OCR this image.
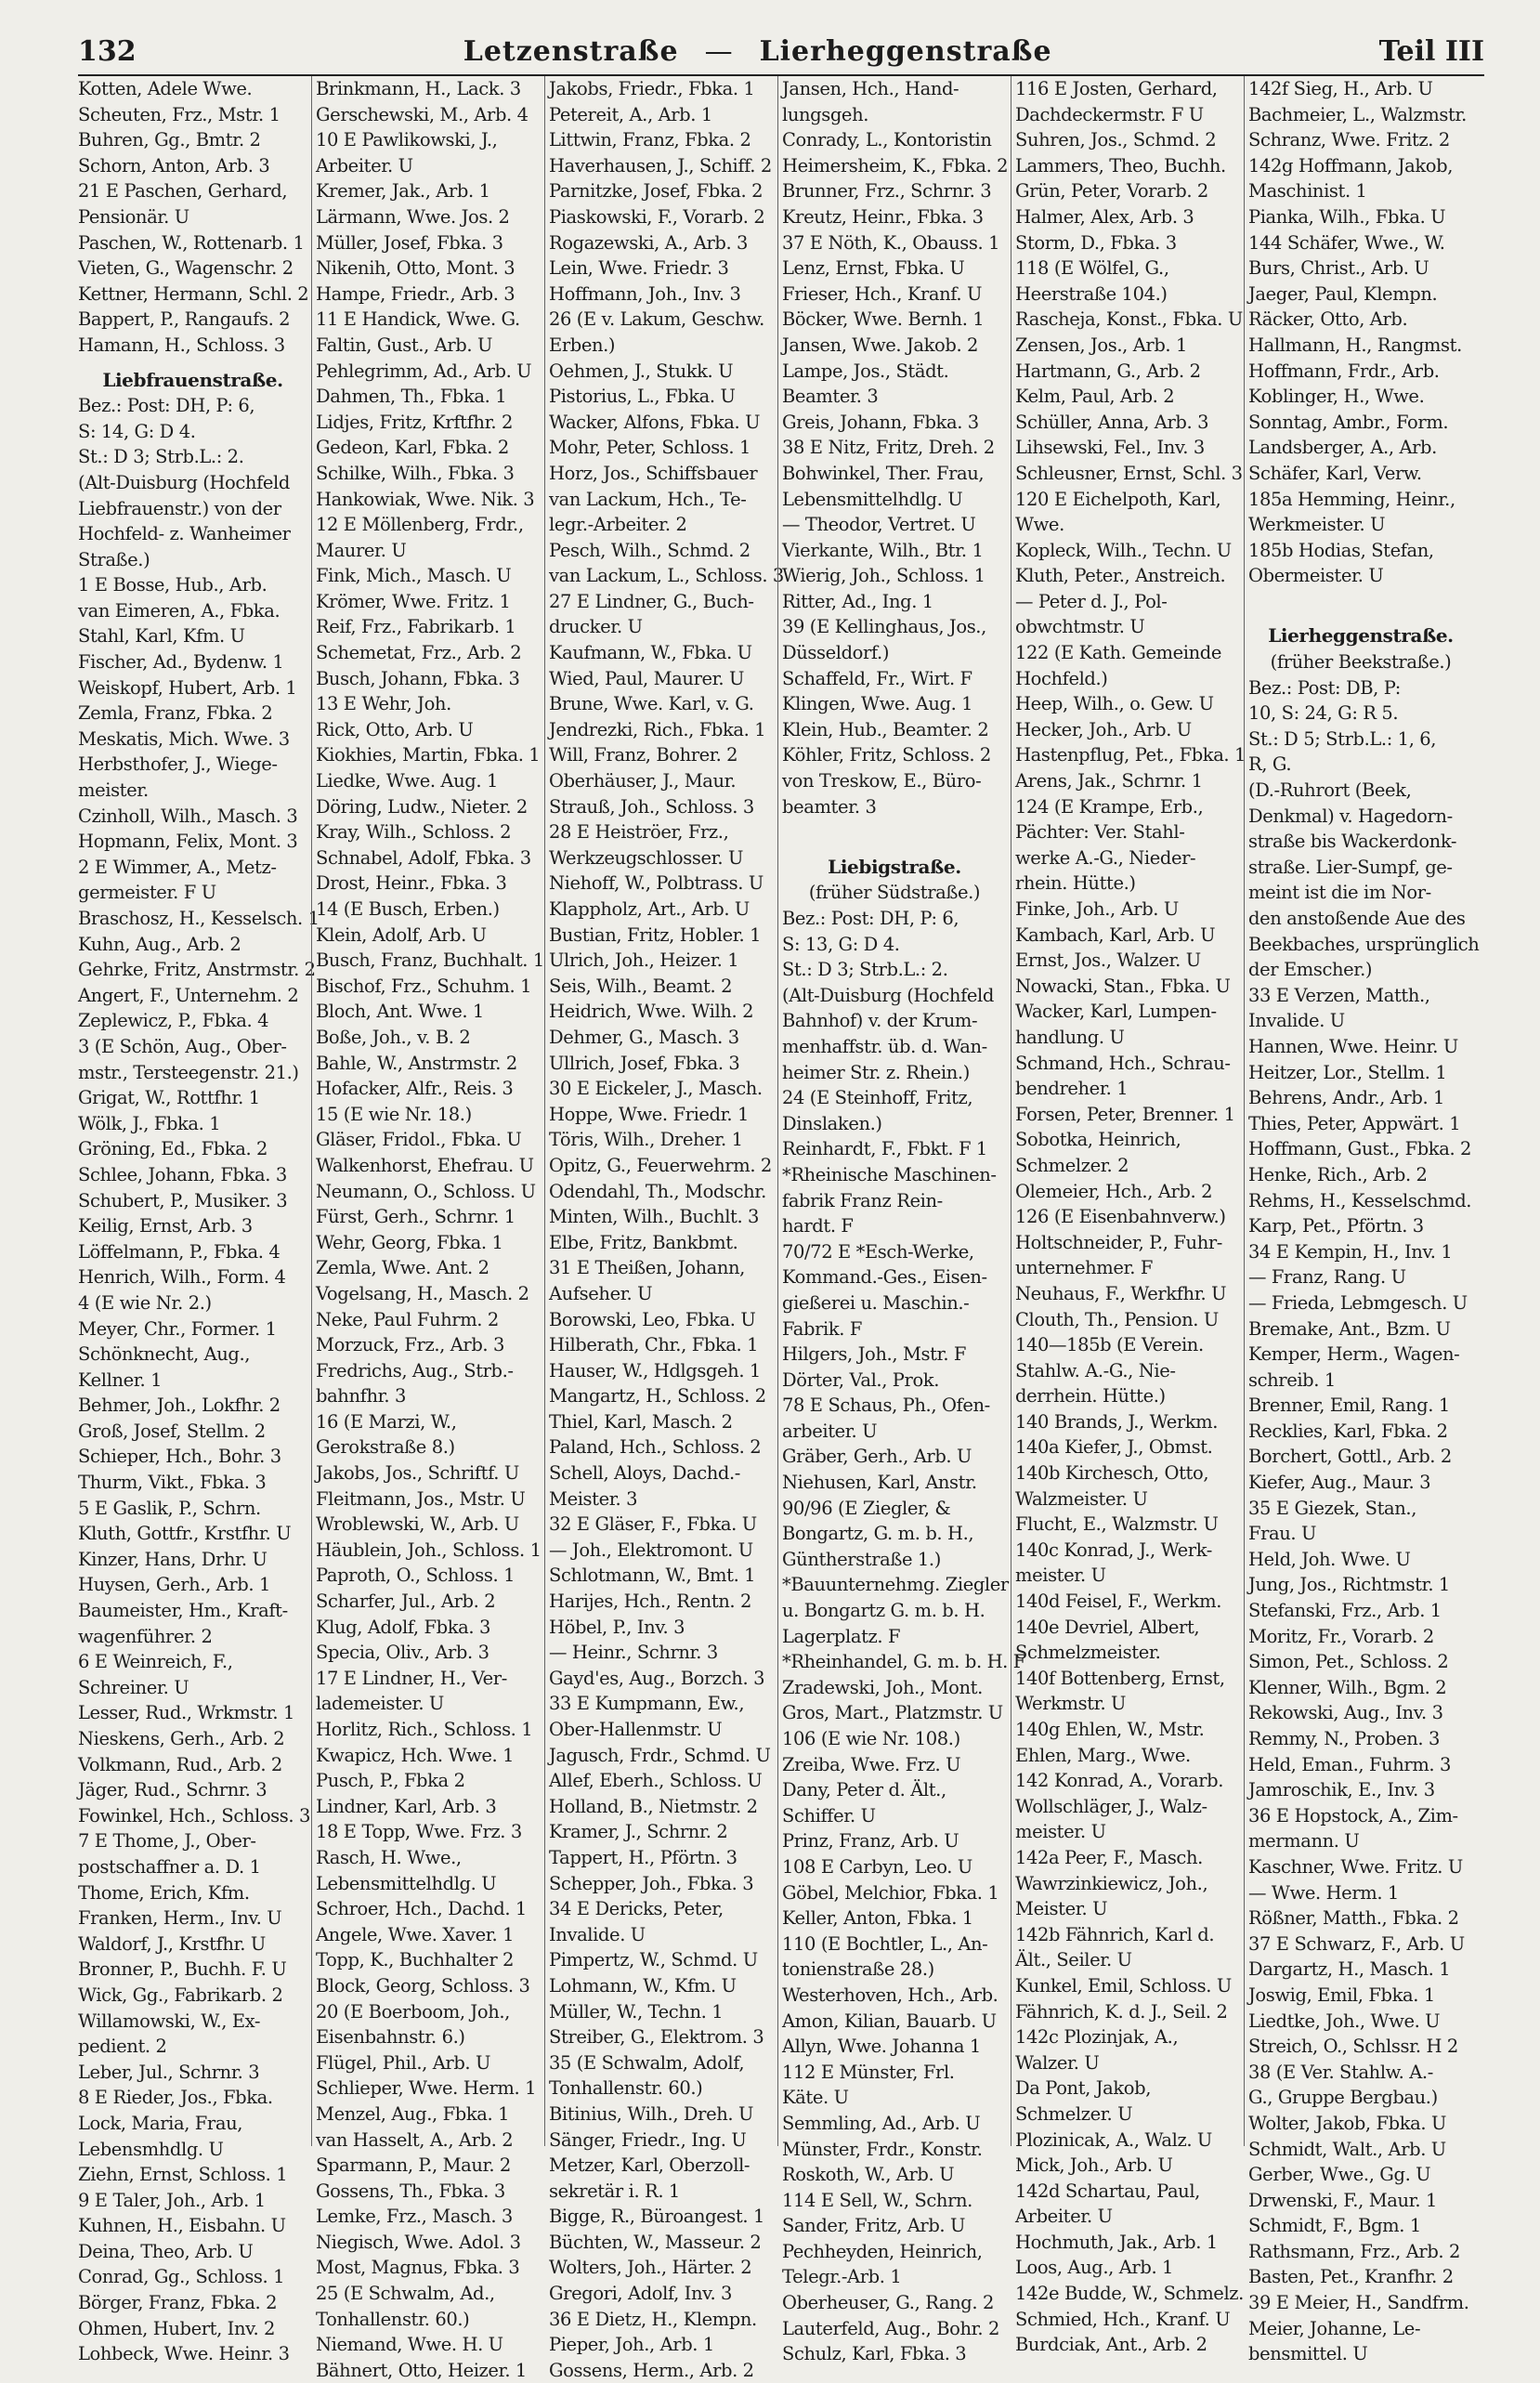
132	Letzenstraße — Lierheggenstraße	Teil III
Kotten, Adele Wwe.
Scheuten, Frz., Mstr. 1
Buhren, Gg., Bmtr. 2
Schorn, Anton, Arb. 3
21 E Paschen, Gerhard,
Pensionär. U
Paschen, W., Rottenarb. 1
Vieten, G., Wagenschr. 2
Kettner, Hermann, Schl. 2
Bappert, P., Rangaufs. 2
Hamann, H., Schloss. 3
Liebfrauenstraße.
Bez.: Post: DH, P: 6,
S: 14, G: D 4.
St.: D 3; Strb.L.: 2.
(Alt-Duisburg (Hochfeld
Liebfrauenstr.) von der
Hochfeld- z. Wanheimer
Straße.)
1 E Bosse, Hub., Arb.
van Eimeren, A., Fbka.
Stahl, Karl, Kfm. U
Fischer, Ad., Bydenw. 1
Weiskopf, Hubert, Arb. 1
Zemla, Franz, Fbka. 2
Meskatis, Mich. Wwe. 3
Herbsthofer, J., Wiege-
meister.
Czinholl, Wilh., Masch. 3
Hopmann, Felix, Mont. 3
2 E Wimmer, A., Metz-
germeister. F U
Braschosz, H., Kesselsch. 1
Kuhn, Aug., Arb. 2
Gehrke, Fritz, Anstrmstr. 2
Angert, F., Unternehm. 2
Zeplewicz, P., Fbka. 4
3 (E Schön, Aug., Ober-
mstr., Tersteegenstr. 21.)
Grigat, W., Rottfhr. 1
Wölk, J., Fbka. 1
Gröning, Ed., Fbka. 2
Schlee, Johann, Fbka. 3
Schubert, P., Musiker. 3
Keilig, Ernst, Arb. 3
Löffelmann, P., Fbka. 4
Henrich, Wilh., Form. 4
4 (E wie Nr. 2.)
Meyer, Chr., Former. 1
Schönknecht, Aug.,
Kellner. 1
Behmer, Joh., Lokfhr. 2
Groß, Josef, Stellm. 2
Schieper, Hch., Bohr. 3
Thurm, Vikt., Fbka. 3
5 E Gaslik, P., Schrn.
Kluth, Gottfr., Krstfhr. U
Kinzer, Hans, Drhr. U
Huysen, Gerh., Arb. 1
Baumeister, Hm., Kraft-
wagenführer. 2
6 E Weinreich, F.,
Schreiner. U
Lesser, Rud., Wrkmstr. 1
Nieskens, Gerh., Arb. 2
Volkmann, Rud., Arb. 2
Jäger, Rud., Schrnr. 3
Fowinkel, Hch., Schloss. 3
7 E Thome, J., Ober-
postschaffner a. D. 1
Thome, Erich, Kfm.
Franken, Herm., Inv. U
Waldorf, J., Krstfhr. U
Bronner, P., Buchh. F. U
Wick, Gg., Fabrikarb. 2
Willamowski, W., Ex-
pedient. 2
Leber, Jul., Schrnr. 3
8 E Rieder, Jos., Fbka.
Lock, Maria, Frau,
Lebensmhdlg. U
Ziehn, Ernst, Schloss. 1
9 E Taler, Joh., Arb. 1
Kuhnen, H., Eisbahn. U
Deina, Theo, Arb. U
Conrad, Gg., Schloss. 1
Börger, Franz, Fbka. 2
Ohmen, Hubert, Inv. 2
Lohbeck, Wwe. Heinr. 3
Brinkmann, H., Lack. 3
Gerschewski, M., Arb. 4
10 E Pawlikowski, J.,
Arbeiter. U
Kremer, Jak., Arb. 1
Lärmann, Wwe. Jos. 2
Müller, Josef, Fbka. 3
Nikenih, Otto, Mont. 3
Hampe, Friedr., Arb. 3
11 E Handick, Wwe. G.
Faltin, Gust., Arb. U
Pehlegrimm, Ad., Arb. U
Dahmen, Th., Fbka. 1
Lidjes, Fritz, Krftfhr. 2
Gedeon, Karl, Fbka. 2
Schilke, Wilh., Fbka. 3
Hankowiak, Wwe. Nik. 3
12 E Möllenberg, Frdr.,
Maurer. U
Fink, Mich., Masch. U
Krömer, Wwe. Fritz. 1
Reif, Frz., Fabrikarb. 1
Schemetat, Frz., Arb. 2
Busch, Johann, Fbka. 3
13 E Wehr, Joh.
Rick, Otto, Arb. U
Kiokhies, Martin, Fbka. 1
Liedke, Wwe. Aug. 1
Döring, Ludw., Nieter. 2
Kray, Wilh., Schloss. 2
Schnabel, Adolf, Fbka. 3
Drost, Heinr., Fbka. 3
14 (E Busch, Erben.)
Klein, Adolf, Arb. U
Busch, Franz, Buchhalt. 1
Bischof, Frz., Schuhm. 1
Bloch, Ant. Wwe. 1
Boße, Joh., v. B. 2
Bahle, W., Anstrmstr. 2
Hofacker, Alfr., Reis. 3
15 (E wie Nr. 18.)
Gläser, Fridol., Fbka. U
Walkenhorst, Ehefrau. U
Neumann, O., Schloss. U
Fürst, Gerh., Schrnr. 1
Wehr, Georg, Fbka. 1
Zemla, Wwe. Ant. 2
Vogelsang, H., Masch. 2
Neke, Paul Fuhrm. 2
Morzuck, Frz., Arb. 3
Fredrichs, Aug., Strb.-
bahnfhr. 3
16 (E Marzi, W.,
Gerokstraße 8.)
Jakobs, Jos., Schriftf. U
Fleitmann, Jos., Mstr. U
Wroblewski, W., Arb. U
Häublein, Joh., Schloss. 1
Paproth, O., Schloss. 1
Scharfer, Jul., Arb. 2
Klug, Adolf, Fbka. 3
Specia, Oliv., Arb. 3
17 E Lindner, H., Ver-
lademeister. U
Horlitz, Rich., Schloss. 1
Kwapicz, Hch. Wwe. 1
Pusch, P., Fbka 2
Lindner, Karl, Arb. 3
18 E Topp, Wwe. Frz. 3
Rasch, H. Wwe.,
Lebensmittelhdlg. U
Schroer, Hch., Dachd. 1
Angele, Wwe. Xaver. 1
Topp, K., Buchhalter 2
Block, Georg, Schloss. 3
20 (E Boerboom, Joh.,
Eisenbahnstr. 6.)
Flügel, Phil., Arb. U
Schlieper, Wwe. Herm. 1
Menzel, Aug., Fbka. 1
van Hasselt, A., Arb. 2
Sparmann, P., Maur. 2
Gossens, Th., Fbka. 3
Lemke, Frz., Masch. 3
Niegisch, Wwe. Adol. 3
Most, Magnus, Fbka. 3
25 (E Schwalm, Ad.,
Tonhallenstr. 60.)
Niemand, Wwe. H. U
Bähnert, Otto, Heizer. 1
Jakobs, Friedr., Fbka. 1
Petereit, A., Arb. 1
Littwin, Franz, Fbka. 2
Haverhausen, J., Schiff. 2
Parnitzke, Josef, Fbka. 2
Piaskowski, F., Vorarb. 2
Rogazewski, A., Arb. 3
Lein, Wwe. Friedr. 3
Hoffmann, Joh., Inv. 3
26 (E v. Lakum, Geschw.
Erben.)
Oehmen, J., Stukk. U
Pistorius, L., Fbka. U
Wacker, Alfons, Fbka. U
Mohr, Peter, Schloss. 1
Horz, Jos., Schiffsbauer
van Lackum, Hch., Te-
legr.-Arbeiter. 2
Pesch, Wilh., Schmd. 2
van Lackum, L., Schloss. 3
27 E Lindner, G., Buch-
drucker. U
Kaufmann, W., Fbka. U
Wied, Paul, Maurer. U
Brune, Wwe. Karl, v. G.
Jendrezki, Rich., Fbka. 1
Will, Franz, Bohrer. 2
Oberhäuser, J., Maur.
Strauß, Joh., Schloss. 3
28 E Heiströer, Frz.,
Werkzeugschlosser. U
Niehoff, W., Polbtrass. U
Klappholz, Art., Arb. U
Bustian, Fritz, Hobler. 1
Ulrich, Joh., Heizer. 1
Seis, Wilh., Beamt. 2
Heidrich, Wwe. Wilh. 2
Dehmer, G., Masch. 3
Ullrich, Josef, Fbka. 3
30 E Eickeler, J., Masch.
Hoppe, Wwe. Friedr. 1
Töris, Wilh., Dreher. 1
Opitz, G., Feuerwehrm. 2
Odendahl, Th., Modschr.
Minten, Wilh., Buchlt. 3
Elbe, Fritz, Bankbmt.
31 E Theißen, Johann,
Aufseher. U
Borowski, Leo, Fbka. U
Hilberath, Chr., Fbka. 1
Hauser, W., Hdlgsgeh. 1
Mangartz, H., Schloss. 2
Thiel, Karl, Masch. 2
Paland, Hch., Schloss. 2
Schell, Aloys, Dachd.-
Meister. 3
32 E Gläser, F., Fbka. U
— Joh., Elektromont. U
Schlotmann, W., Bmt. 1
Harijes, Hch., Rentn. 2
Höbel, P., Inv. 3
— Heinr., Schrnr. 3
Gayd'es, Aug., Borzch. 3
33 E Kumpmann, Ew.,
Ober-Hallenmstr. U
Jagusch, Frdr., Schmd. U
Allef, Eberh., Schloss. U
Holland, B., Nietmstr. 2
Kramer, J., Schrnr. 2
Tappert, H., Pförtn. 3
Schepper, Joh., Fbka. 3
34 E Dericks, Peter,
Invalide. U
Pimpertz, W., Schmd. U
Lohmann, W., Kfm. U
Müller, W., Techn. 1
Streiber, G., Elektrom. 3
35 (E Schwalm, Adolf,
Tonhallenstr. 60.)
Bitinius, Wilh., Dreh. U
Sänger, Friedr., Ing. U
Metzer, Karl, Oberzoll-
sekretär i. R. 1
Bigge, R., Büroangest. 1
Büchten, W., Masseur. 2
Wolters, Joh., Härter. 2
Gregori, Adolf, Inv. 3
36 E Dietz, H., Klempn.
Pieper, Joh., Arb. 1
Gossens, Herm., Arb. 2
Jansen, Hch., Hand-
lungsgeh.
Conrady, L., Kontoristin
Heimersheim, K., Fbka. 2
Brunner, Frz., Schrnr. 3
Kreutz, Heinr., Fbka. 3
37 E Nöth, K., Obauss. 1
Lenz, Ernst, Fbka. U
Frieser, Hch., Kranf. U
Böcker, Wwe. Bernh. 1
Jansen, Wwe. Jakob. 2
Lampe, Jos., Städt.
Beamter. 3
Greis, Johann, Fbka. 3
38 E Nitz, Fritz, Dreh. 2
Bohwinkel, Ther. Frau,
Lebensmittelhdlg. U
— Theodor, Vertret. U
Vierkante, Wilh., Btr. 1
Wierig, Joh., Schloss. 1
Ritter, Ad., Ing. 1
39 (E Kellinghaus, Jos.,
Düsseldorf.)
Schaffeld, Fr., Wirt. F
Klingen, Wwe. Aug. 1
Klein, Hub., Beamter. 2
Köhler, Fritz, Schloss. 2
von Treskow, E., Büro-
beamter. 3
Liebigstraße.
(früher Südstraße.)
Bez.: Post: DH, P: 6,
S: 13, G: D 4.
St.: D 3; Strb.L.: 2.
(Alt-Duisburg (Hochfeld
Bahnhof) v. der Krum-
menhaffstr. üb. d. Wan-
heimer Str. z. Rhein.)
24 (E Steinhoff, Fritz,
Dinslaken.)
Reinhardt, F., Fbkt. F 1
*Rheinische Maschinen-
fabrik Franz Rein-
hardt. F
70/72 E *Esch-Werke,
Kommand.-Ges., Eisen-
gießerei u. Maschin.-
Fabrik. F
Hilgers, Joh., Mstr. F
Dörter, Val., Prok.
78 E Schaus, Ph., Ofen-
arbeiter. U
Gräber, Gerh., Arb. U
Niehusen, Karl, Anstr.
90/96 (E Ziegler, &
Bongartz, G. m. b. H.,
Güntherstraße 1.)
*Bauunternehmg. Ziegler
u. Bongartz G. m. b. H.
Lagerplatz. F
*Rheinhandel, G. m. b. H. F
Zradewski, Joh., Mont.
Gros, Mart., Platzmstr. U
106 (E wie Nr. 108.)
Zreiba, Wwe. Frz. U
Dany, Peter d. Ält.,
Schiffer. U
Prinz, Franz, Arb. U
108 E Carbyn, Leo. U
Göbel, Melchior, Fbka. 1
Keller, Anton, Fbka. 1
110 (E Bochtler, L., An-
tonienstraße 28.)
Westerhoven, Hch., Arb.
Amon, Kilian, Bauarb. U
Allyn, Wwe. Johanna 1
112 E Münster, Frl.
Käte. U
Semmling, Ad., Arb. U
Münster, Frdr., Konstr.
Roskoth, W., Arb. U
114 E Sell, W., Schrn.
Sander, Fritz, Arb. U
Pechheyden, Heinrich,
Telegr.-Arb. 1
Oberheuser, G., Rang. 2
Lauterfeld, Aug., Bohr. 2
Schulz, Karl, Fbka. 3
116 E Josten, Gerhard,
Dachdeckermstr. F U
Suhren, Jos., Schmd. 2
Lammers, Theo, Buchh.
Grün, Peter, Vorarb. 2
Halmer, Alex, Arb. 3
Storm, D., Fbka. 3
118 (E Wölfel, G.,
Heerstraße 104.)
Rascheja, Konst., Fbka. U
Zensen, Jos., Arb. 1
Hartmann, G., Arb. 2
Kelm, Paul, Arb. 2
Schüller, Anna, Arb. 3
Lihsewski, Fel., Inv. 3
Schleusner, Ernst, Schl. 3
120 E Eichelpoth, Karl,
Wwe.
Kopleck, Wilh., Techn. U
Kluth, Peter., Anstreich.
— Peter d. J., Pol-
obwchtmstr. U
122 (E Kath. Gemeinde
Hochfeld.)
Heep, Wilh., o. Gew. U
Hecker, Joh., Arb. U
Hastenpflug, Pet., Fbka. 1
Arens, Jak., Schrnr. 1
124 (E Krampe, Erb.,
Pächter: Ver. Stahl-
werke A.-G., Nieder-
rhein. Hütte.)
Finke, Joh., Arb. U
Kambach, Karl, Arb. U
Ernst, Jos., Walzer. U
Nowacki, Stan., Fbka. U
Wacker, Karl, Lumpen-
handlung. U
Schmand, Hch., Schrau-
bendreher. 1
Forsen, Peter, Brenner. 1
Sobotka, Heinrich,
Schmelzer. 2
Olemeier, Hch., Arb. 2
126 (E Eisenbahnverw.)
Holtschneider, P., Fuhr-
unternehmer. F
Neuhaus, F., Werkfhr. U
Clouth, Th., Pension. U
140—185b (E Verein.
Stahlw. A.-G., Nie-
derrhein. Hütte.)
140 Brands, J., Werkm.
140a Kiefer, J., Obmst.
140b Kirchesch, Otto,
Walzmeister. U
Flucht, E., Walzmstr. U
140c Konrad, J., Werk-
meister. U
140d Feisel, F., Werkm.
140e Devriel, Albert,
Schmelzmeister.
140f Bottenberg, Ernst,
Werkmstr. U
140g Ehlen, W., Mstr.
Ehlen, Marg., Wwe.
142 Konrad, A., Vorarb.
Wollschläger, J., Walz-
meister. U
142a Peer, F., Masch.
Wawrzinkiewicz, Joh.,
Meister. U
142b Fähnrich, Karl d.
Ält., Seiler. U
Kunkel, Emil, Schloss. U
Fähnrich, K. d. J., Seil. 2
142c Plozinjak, A.,
Walzer. U
Da Pont, Jakob,
Schmelzer. U
Plozinicak, A., Walz. U
Mick, Joh., Arb. U
142d Schartau, Paul,
Arbeiter. U
Hochmuth, Jak., Arb. 1
Loos, Aug., Arb. 1
142e Budde, W., Schmelz.
Schmied, Hch., Kranf. U
Burdciak, Ant., Arb. 2
142f Sieg, H., Arb. U
Bachmeier, L., Walzmstr.
Schranz, Wwe. Fritz. 2
142g Hoffmann, Jakob,
Maschinist. 1
Pianka, Wilh., Fbka. U
144 Schäfer, Wwe., W.
Burs, Christ., Arb. U
Jaeger, Paul, Klempn.
Räcker, Otto, Arb.
Hallmann, H., Rangmst.
Hoffmann, Frdr., Arb.
Koblinger, H., Wwe.
Sonntag, Ambr., Form.
Landsberger, A., Arb.
Schäfer, Karl, Verw.
185a Hemming, Heinr.,
Werkmeister. U
185b Hodias, Stefan,
Obermeister. U
Lierheggenstraße.
(früher Beekstraße.)
Bez.: Post: DB, P:
10, S: 24, G: R 5.
St.: D 5; Strb.L.: 1, 6,
R, G.
(D.-Ruhrort (Beek,
Denkmal) v. Hagedorn-
straße bis Wackerdonk-
straße. Lier-Sumpf, ge-
meint ist die im Nor-
den anstoßende Aue des
Beekbaches, ursprünglich
der Emscher.)
33 E Verzen, Matth.,
Invalide. U
Hannen, Wwe. Heinr. U
Heitzer, Lor., Stellm. 1
Behrens, Andr., Arb. 1
Thies, Peter, Appwärt. 1
Hoffmann, Gust., Fbka. 2
Henke, Rich., Arb. 2
Rehms, H., Kesselschmd.
Karp, Pet., Pförtn. 3
34 E Kempin, H., Inv. 1
— Franz, Rang. U
— Frieda, Lebmgesch. U
Bremake, Ant., Bzm. U
Kemper, Herm., Wagen-
schreib. 1
Brenner, Emil, Rang. 1
Recklies, Karl, Fbka. 2
Borchert, Gottl., Arb. 2
Kiefer, Aug., Maur. 3
35 E Giezek, Stan.,
Frau. U
Held, Joh. Wwe. U
Jung, Jos., Richtmstr. 1
Stefanski, Frz., Arb. 1
Moritz, Fr., Vorarb. 2
Simon, Pet., Schloss. 2
Klenner, Wilh., Bgm. 2
Rekowski, Aug., Inv. 3
Remmy, N., Proben. 3
Held, Eman., Fuhrm. 3
Jamroschik, E., Inv. 3
36 E Hopstock, A., Zim-
mermann. U
Kaschner, Wwe. Fritz. U
— Wwe. Herm. 1
Rößner, Matth., Fbka. 2
37 E Schwarz, F., Arb. U
Dargartz, H., Masch. 1
Joswig, Emil, Fbka. 1
Liedtke, Joh., Wwe. U
Streich, O., Schlssr. H 2
38 (E Ver. Stahlw. A.-
G., Gruppe Bergbau.)
Wolter, Jakob, Fbka. U
Schmidt, Walt., Arb. U
Gerber, Wwe., Gg. U
Drwenski, F., Maur. 1
Schmidt, F., Bgm. 1
Rathsmann, Frz., Arb. 2
Basten, Pet., Kranfhr. 2
39 E Meier, H., Sandfrm.
Meier, Johanne, Le-
bensmittel. U
